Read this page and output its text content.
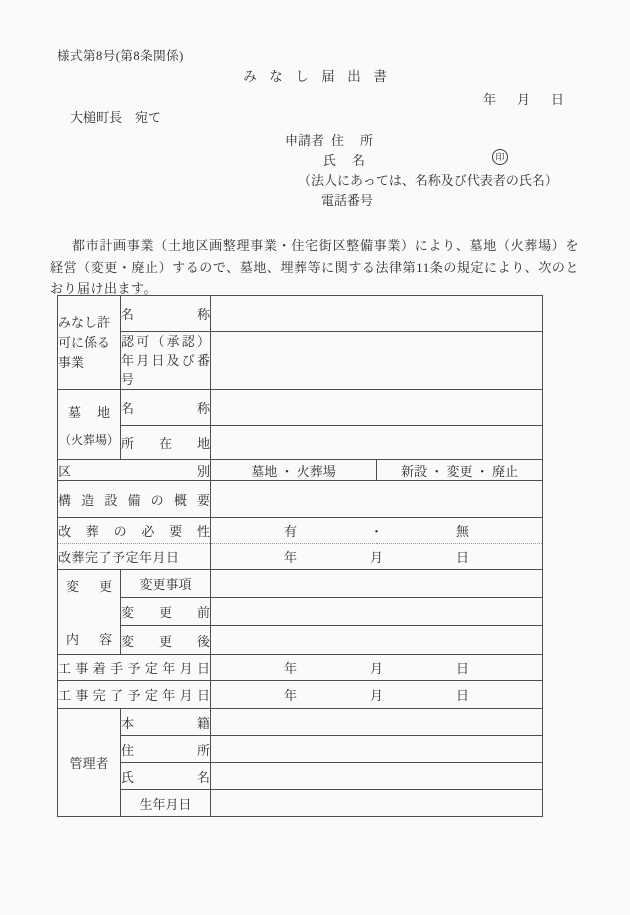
様式第8号(第8条関係)
みなし届出書
年 月 日
大槌町長 宛て
申請者 住所
氏名
（法人にあっては、名称及び代表者の氏名）
電話番号
印
都市計画事業（土地区画整理事業・住宅街区整備事業）により、墓地（火葬場）を経営（変更・廃止）するので、墓地、埋葬等に関する法律第11条の規定により、次のとおり届け出ます。
みなし許可に係る事業	名称		
	認可（承認）年月日及び番号		

墓地
（火葬場）	名称		
	所在地		
区別		墓地 ・ 火葬場	新設 ・ 変更 ・ 廃止
構造設備の概要			
改葬の必要性		有 ・ 無	

改葬完了予定年月日		年 月 日	

変更
内容	変更事項		
	変更前		
	変更後		
工事着手予定年月日		年 月 日	

工事完了予定年月日		年 月 日	

管理者	本籍		
	住所		
	氏名		
	生年月日		
